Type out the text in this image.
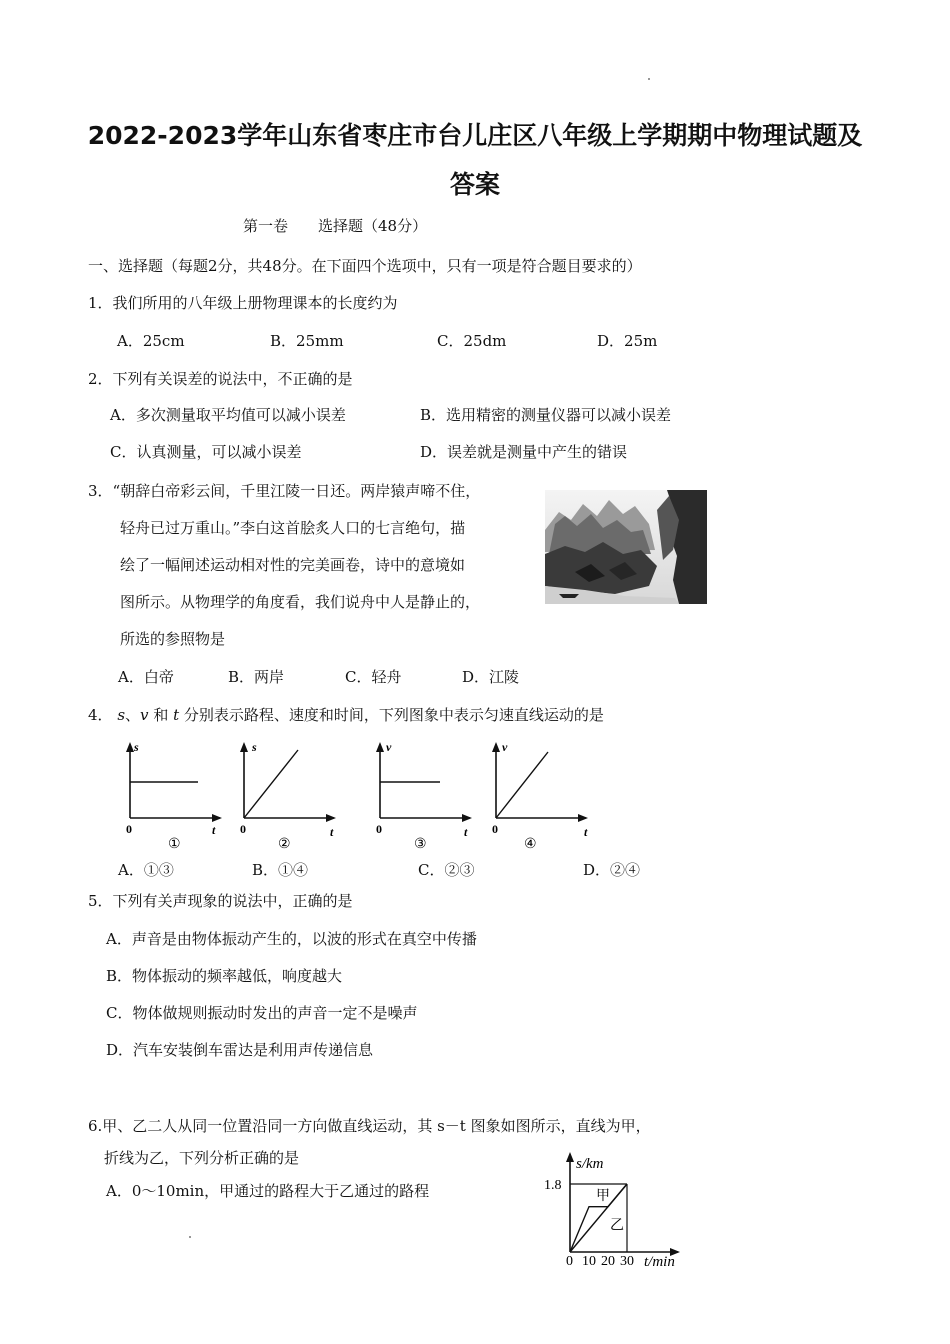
2022-2023学年山东省枣庄市台儿庄区八年级上学期期中物理试题及
答案
第一卷　　选择题（48分）
一、选择题（每题2分，共48分。在下面四个选项中，只有一项是符合题目要求的）
1．我们所用的八年级上册物理课本的长度约为
A．25cm	B．25mm	C．25dm	D．25m
2．下列有关误差的说法中，不正确的是
A．多次测量取平均值可以减小误差	B．选用精密的测量仪器可以减小误差
C．认真测量，可以减小误差	D．误差就是测量中产生的错误
3．“朝辞白帝彩云间，千里江陵一日还。两岸猿声啼不住，
轻舟已过万重山。”李白这首脍炙人口的七言绝句，描
绘了一幅闸述运动相对性的完美画卷，诗中的意境如
图所示。从物理学的角度看，我们说舟中人是静止的，
所选的参照物是
A．白帝	B．两岸	C．轻舟	D．江陵
4． s、v 和 t 分别表示路程、速度和时间，下列图象中表示匀速直线运动的是
s
t
0
①
s
t
0
②
v
t
0
③
v
t
0
④
A．①③	B．①④	C．②③	D．②④
5．下列有关声现象的说法中，正确的是
A．声音是由物体振动产生的，以波的形式在真空中传播
B．物体振动的频率越低，响度越大
C．物体做规则振动时发出的声音一定不是噪声
D．汽车安装倒车雷达是利用声传递信息
6.甲、乙二人从同一位置沿同一方向做直线运动，其 s－t 图象如图所示，直线为甲，
折线为乙，下列分析正确的是
A．0～10min，甲通过的路程大于乙通过的路程
s/km
t/min
甲
乙
0 10 20 30
1.8
